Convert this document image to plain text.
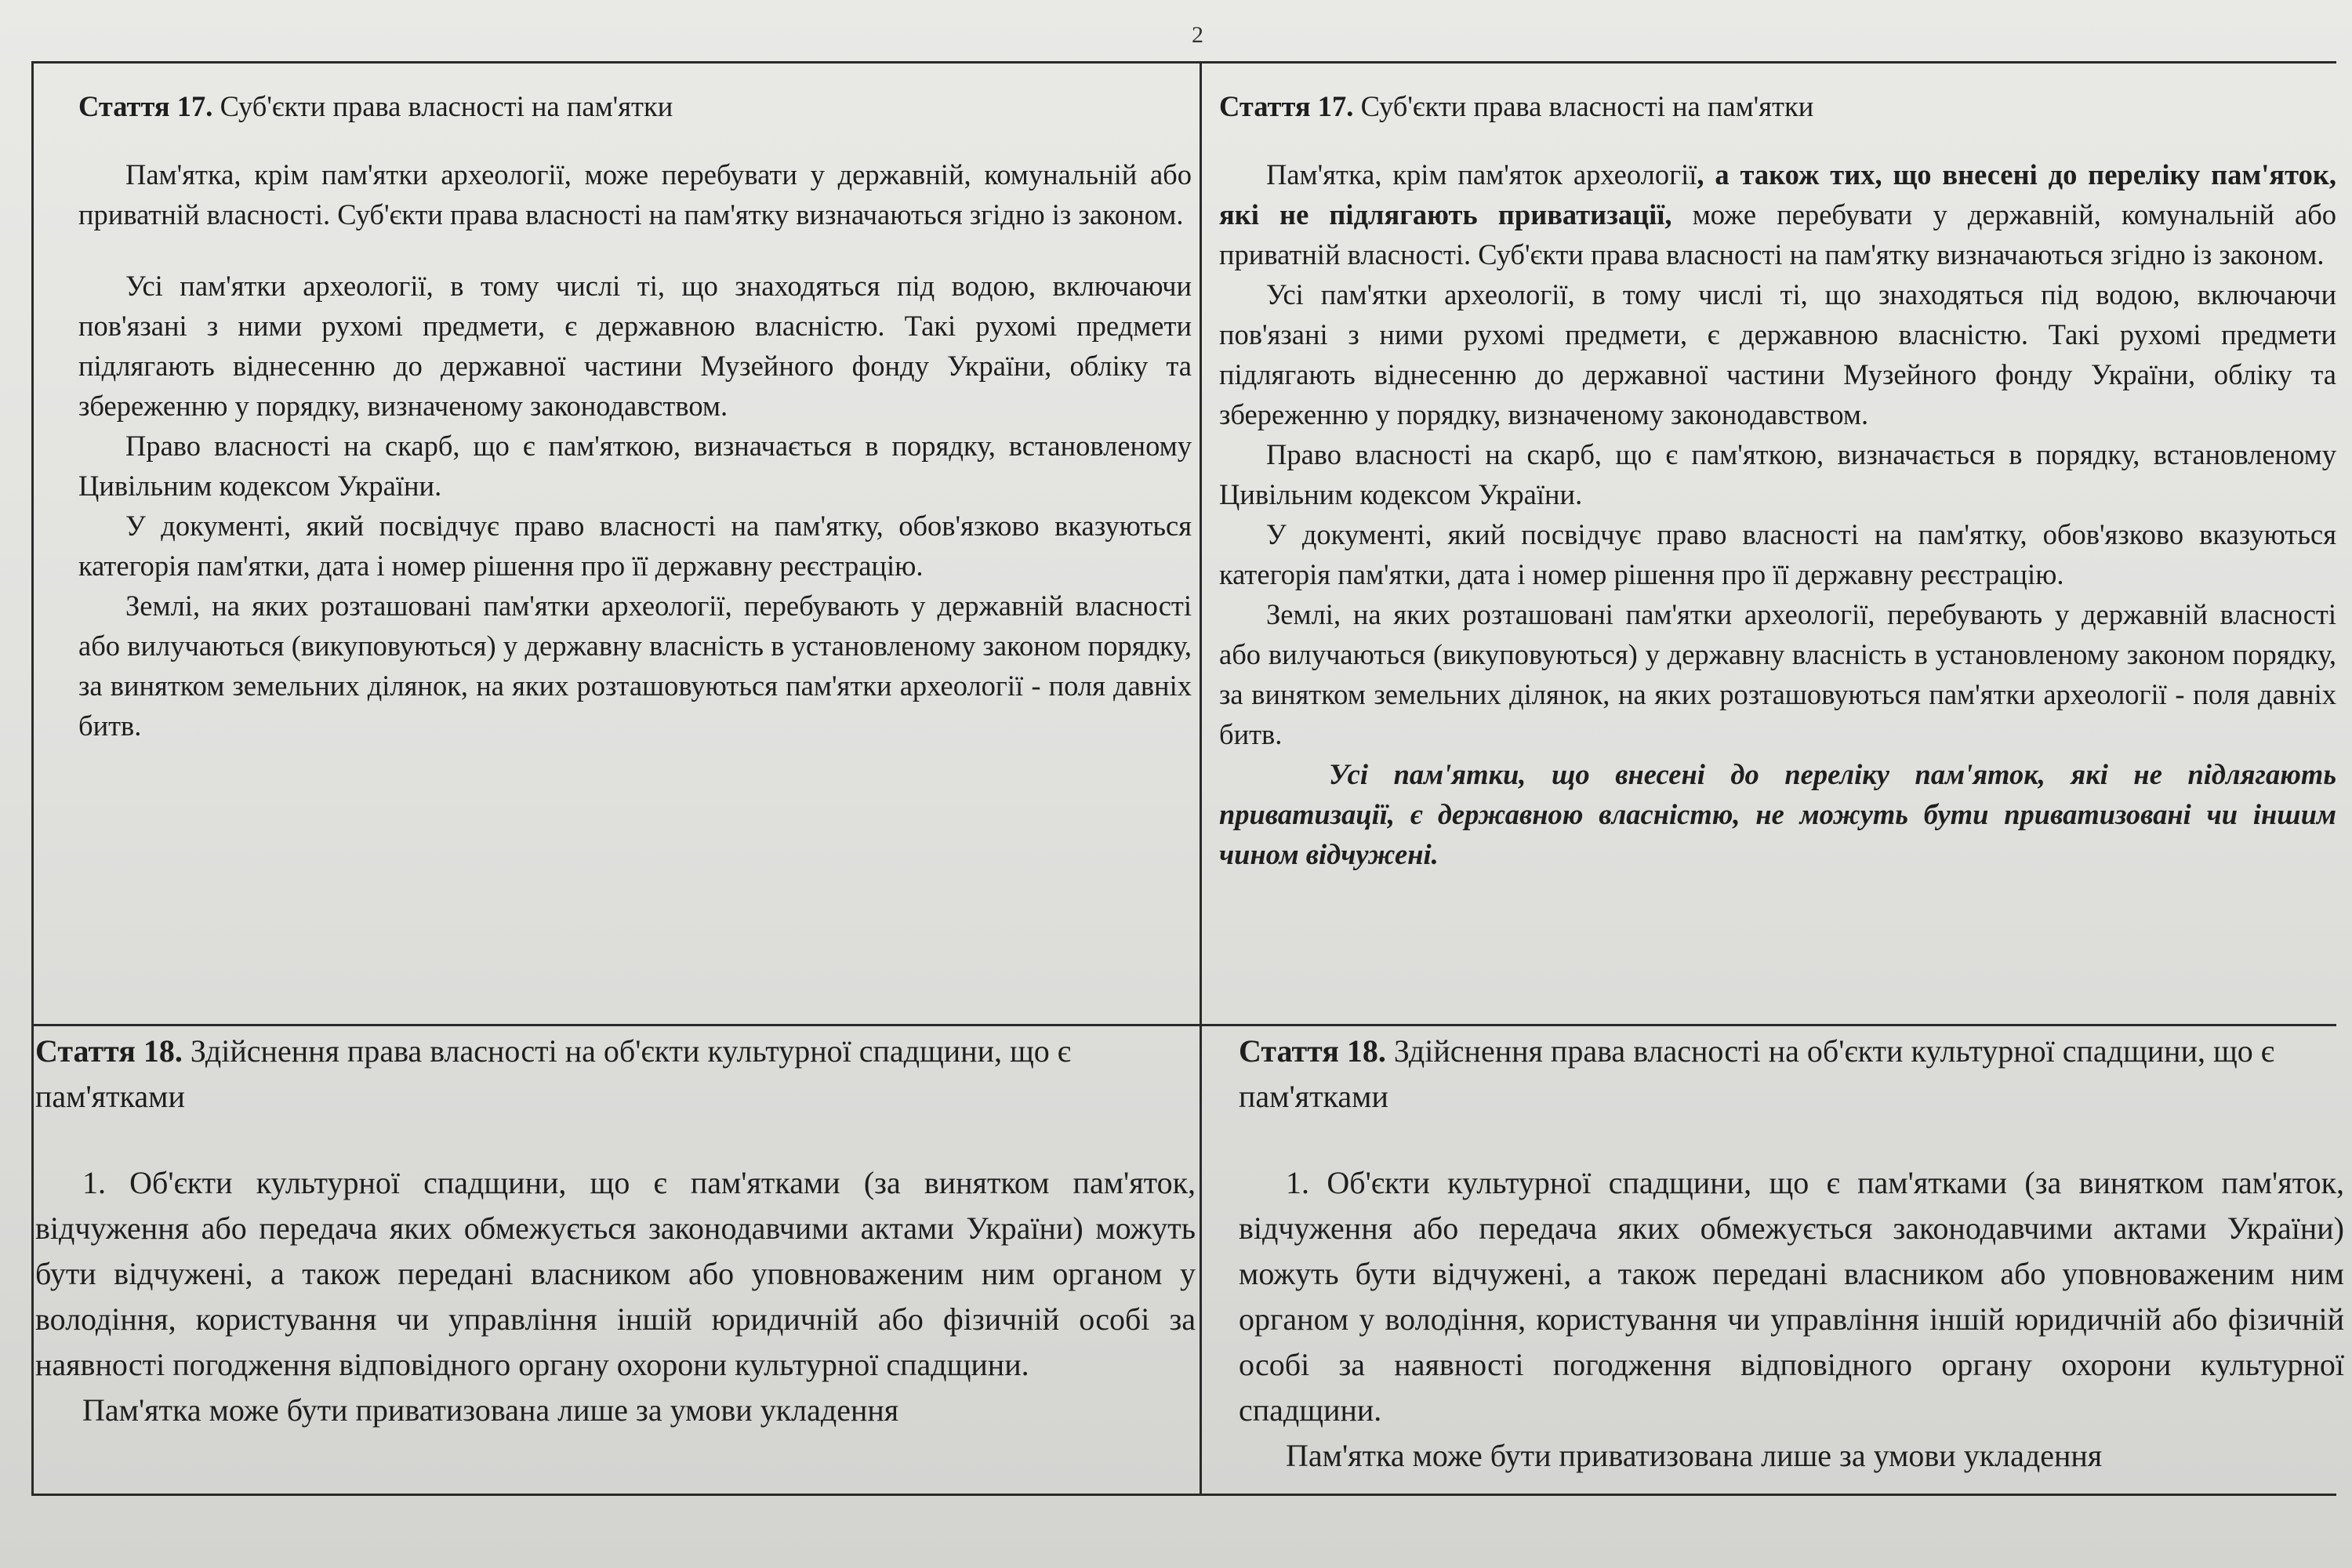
2

Стаття 17. Суб'єкти права власності на пам'ятки

Пам'ятка, крім пам'ятки археології, може перебувати у державній, комунальній або приватній власності. Суб'єкти права власності на пам'ятку визначаються згідно із законом.

Усі пам'ятки археології, в тому числі ті, що знаходяться під водою, включаючи пов'язані з ними рухомі предмети, є державною власністю. Такі рухомі предмети підлягають віднесенню до державної частини Музейного фонду України, обліку та збереженню у порядку, визначеному законодавством.

Право власності на скарб, що є пам'яткою, визначається в порядку, встановленому Цивільним кодексом України.

У документі, який посвідчує право власності на пам'ятку, обов'язково вказуються категорія пам'ятки, дата і номер рішення про її державну реєстрацію.

Землі, на яких розташовані пам'ятки археології, перебувають у державній власності або вилучаються (викуповуються) у державну власність в установленому законом порядку, за винятком земельних ділянок, на яких розташовуються пам'ятки археології - поля давніх битв.

Стаття 17. Суб'єкти права власності на пам'ятки

Пам'ятка, крім пам'яток археології, а також тих, що внесені до переліку пам'яток, які не підлягають приватизації, може перебувати у державній, комунальній або приватній власності. Суб'єкти права власності на пам'ятку визначаються згідно із законом.

Усі пам'ятки археології, в тому числі ті, що знаходяться під водою, включаючи пов'язані з ними рухомі предмети, є державною власністю. Такі рухомі предмети підлягають віднесенню до державної частини Музейного фонду України, обліку та збереженню у порядку, визначеному законодавством.

Право власності на скарб, що є пам'яткою, визначається в порядку, встановленому Цивільним кодексом України.

У документі, який посвідчує право власності на пам'ятку, обов'язково вказуються категорія пам'ятки, дата і номер рішення про її державну реєстрацію.

Землі, на яких розташовані пам'ятки археології, перебувають у державній власності або вилучаються (викуповуються) у державну власність в установленому законом порядку, за винятком земельних ділянок, на яких розташовуються пам'ятки археології - поля давніх битв.

Усі пам'ятки, що внесені до переліку пам'яток, які не підлягають приватизації, є державною власністю, не можуть бути приватизовані чи іншим чином відчужені.

Стаття 18. Здійснення права власності на об'єкти культурної спадщини, що є пам'ятками

1. Об'єкти культурної спадщини, що є пам'ятками (за винятком пам'яток, відчуження або передача яких обмежується законодавчими актами України) можуть бути відчужені, а також передані власником або уповноваженим ним органом у володіння, користування чи управління іншій юридичній або фізичній особі за наявності погодження відповідного органу охорони культурної спадщини.

Пам'ятка може бути приватизована лише за умови укладення

Стаття 18. Здійснення права власності на об'єкти культурної спадщини, що є пам'ятками

1. Об'єкти культурної спадщини, що є пам'ятками (за винятком пам'яток, відчуження або передача яких обмежується законодавчими актами України) можуть бути відчужені, а також передані власником або уповноваженим ним органом у володіння, користування чи управління іншій юридичній або фізичній особі за наявності погодження відповідного органу охорони культурної спадщини.

Пам'ятка може бути приватизована лише за умови укладення
